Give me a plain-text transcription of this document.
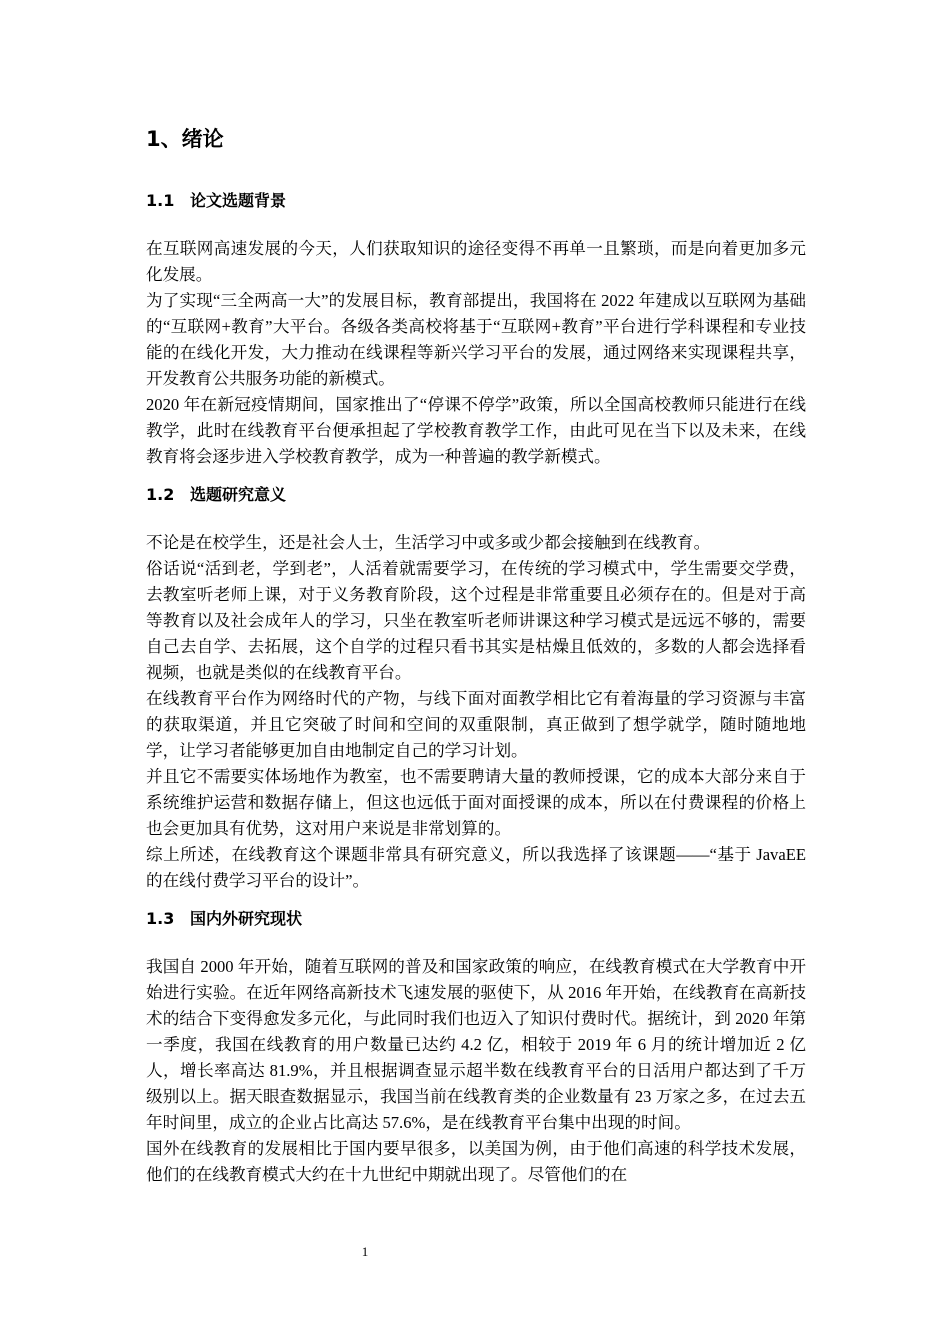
1、绪论
1.1 论文选题背景

在互联网高速发展的今天，人们获取知识的途径变得不再单一且繁琐，而是向着更加多元化发展。

为了实现“三全两高一大”的发展目标，教育部提出，我国将在 2022 年建成以互联网为基础的“互联网+教育”大平台。各级各类高校将基于“互联网+教育”平台进行学科课程和专业技能的在线化开发，大力推动在线课程等新兴学习平台的发展，通过网络来实现课程共享，开发教育公共服务功能的新模式。

2020 年在新冠疫情期间，国家推出了“停课不停学”政策，所以全国高校教师只能进行在线教学，此时在线教育平台便承担起了学校教育教学工作，由此可见在当下以及未来，在线教育将会逐步进入学校教育教学，成为一种普遍的教学新模式。

1.2 选题研究意义

不论是在校学生，还是社会人士，生活学习中或多或少都会接触到在线教育。

俗话说“活到老，学到老”，人活着就需要学习，在传统的学习模式中，学生需要交学费，去教室听老师上课，对于义务教育阶段，这个过程是非常重要且必须存在的。但是对于高等教育以及社会成年人的学习，只坐在教室听老师讲课这种学习模式是远远不够的，需要自己去自学、去拓展，这个自学的过程只看书其实是枯燥且低效的，多数的人都会选择看视频，也就是类似的在线教育平台。

在线教育平台作为网络时代的产物，与线下面对面教学相比它有着海量的学习资源与丰富的获取渠道，并且它突破了时间和空间的双重限制，真正做到了想学就学，随时随地地学，让学习者能够更加自由地制定自己的学习计划。

并且它不需要实体场地作为教室，也不需要聘请大量的教师授课，它的成本大部分来自于系统维护运营和数据存储上，但这也远低于面对面授课的成本，所以在付费课程的价格上也会更加具有优势，这对用户来说是非常划算的。

综上所述，在线教育这个课题非常具有研究意义，所以我选择了该课题——“基于 JavaEE 的在线付费学习平台的设计”。

1.3 国内外研究现状

我国自 2000 年开始，随着互联网的普及和国家政策的响应，在线教育模式在大学教育中开始进行实验。在近年网络高新技术飞速发展的驱使下，从 2016 年开始，在线教育在高新技术的结合下变得愈发多元化，与此同时我们也迈入了知识付费时代。据统计，到 2020 年第一季度，我国在线教育的用户数量已达约 4.2 亿，相较于 2019 年 6 月的统计增加近 2 亿人，增长率高达 81.9%，并且根据调查显示超半数在线教育平台的日活用户都达到了千万级别以上。据天眼查数据显示，我国当前在线教育类的企业数量有 23 万家之多，在过去五年时间里，成立的企业占比高达 57.6%，是在线教育平台集中出现的时间。

国外在线教育的发展相比于国内要早很多，以美国为例，由于他们高速的科学技术发展，他们的在线教育模式大约在十九世纪中期就出现了。尽管他们的在

1
